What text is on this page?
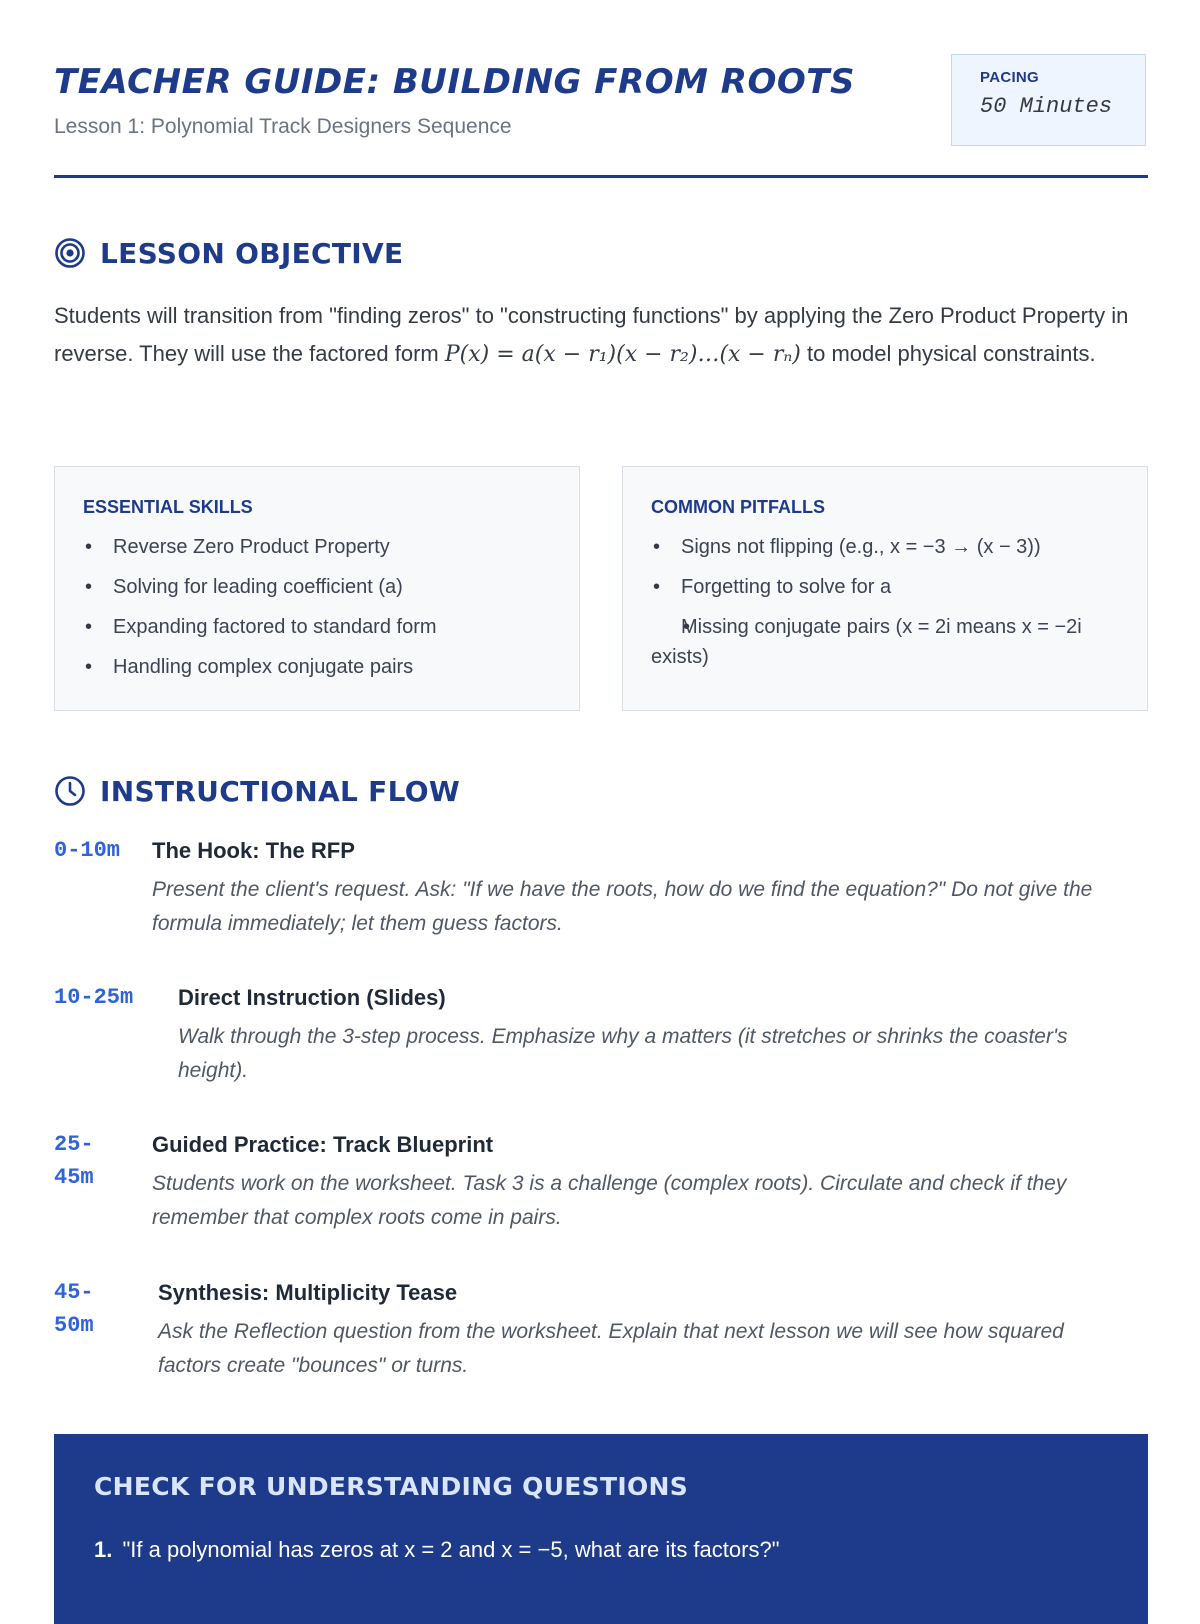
TEACHER GUIDE: BUILDING FROM ROOTS
Lesson 1: Polynomial Track Designers Sequence
PACING
50 Minutes
LESSON OBJECTIVE
Students will transition from "finding zeros" to "constructing functions" by applying the Zero Product Property in reverse. They will use the factored form P(x) = a(x − r₁)(x − r₂)…(x − rₙ) to model physical constraints.
ESSENTIAL SKILLS
• Reverse Zero Product Property
• Solving for leading coefficient (a)
• Expanding factored to standard form
• Handling complex conjugate pairs
COMMON PITFALLS
• Signs not flipping (e.g., x = −3 → (x − 3))
• Forgetting to solve for a
• Missing conjugate pairs (x = 2i means x = −2i exists)
INSTRUCTIONAL FLOW
0-10m The Hook: The RFP
Present the client's request. Ask: "If we have the roots, how do we find the equation?" Do not give the formula immediately; let them guess factors.
10-25m Direct Instruction (Slides)
Walk through the 3-step process. Emphasize why a matters (it stretches or shrinks the coaster's height).
25-
45m
Guided Practice: Track Blueprint
Students work on the worksheet. Task 3 is a challenge (complex roots). Circulate and check if they remember that complex roots come in pairs.
45-
50m
Synthesis: Multiplicity Tease
Ask the Reflection question from the worksheet. Explain that next lesson we will see how squared factors create "bounces" or turns.
CHECK FOR UNDERSTANDING QUESTIONS
1. "If a polynomial has zeros at x = 2 and x = −5, what are its factors?"
